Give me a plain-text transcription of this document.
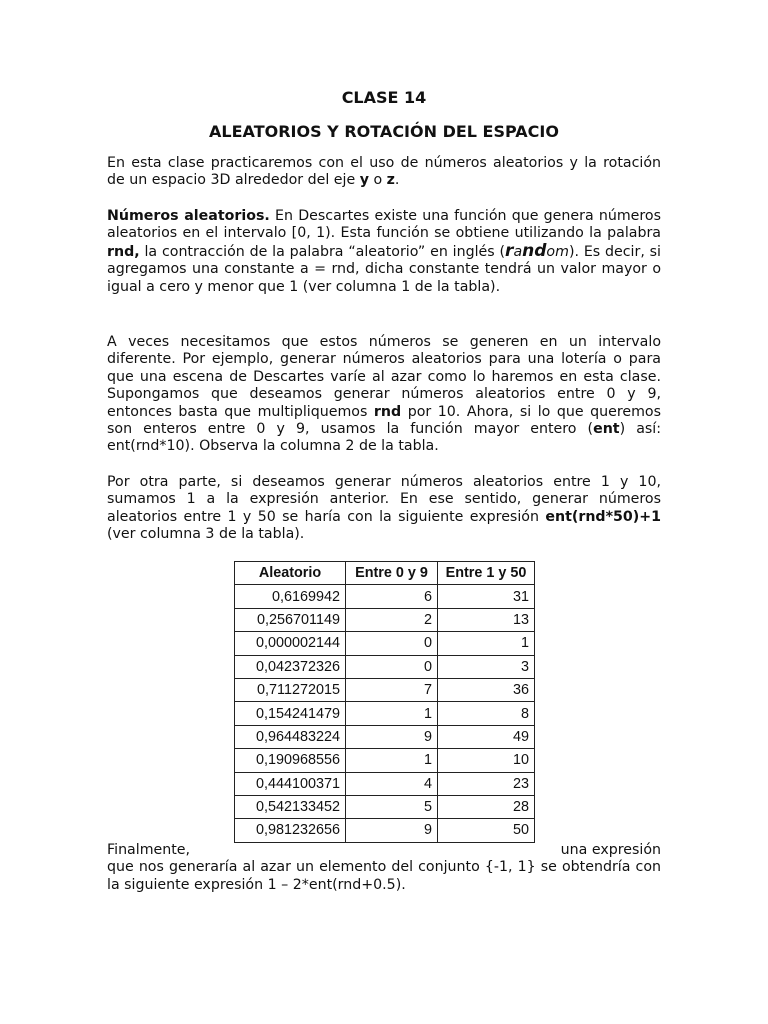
CLASE 14
ALEATORIOS Y ROTACIÓN DEL ESPACIO

En esta clase practicaremos con el uso de números aleatorios y la rotación de un espacio 3D alrededor del eje y o z.

Números aleatorios. En Descartes existe una función que genera números aleatorios en el intervalo [0, 1). Esta función se obtiene utilizando la palabra rnd, la contracción de la palabra “aleatorio” en inglés (random). Es decir, si agregamos una constante a = rnd, dicha constante tendrá un valor mayor o igual a cero y menor que 1 (ver columna 1 de la tabla).

A veces necesitamos que estos números se generen en un intervalo diferente. Por ejemplo, generar números aleatorios para una lotería o para que una escena de Descartes varíe al azar como lo haremos en esta clase. Supongamos que deseamos generar números aleatorios entre 0 y 9, entonces basta que multipliquemos rnd por 10. Ahora, si lo que queremos son enteros entre 0 y 9, usamos la función mayor entero (ent) así: ent(rnd*10). Observa la columna 2 de la tabla.

Por otra parte, si deseamos generar números aleatorios entre 1 y 10, sumamos 1 a la expresión anterior. En ese sentido, generar números aleatorios entre 1 y 50 se haría con la siguiente expresión ent(rnd*50)+1 (ver columna 3 de la tabla).

Aleatorio	Entre 0 y 9	Entre 1 y 50
0,6169942	6	31
0,256701149	2	13
0,000002144	0	1
0,042372326	0	3
0,711272015	7	36
0,154241479	1	8
0,964483224	9	49
0,190968556	1	10
0,444100371	4	23
0,542133452	5	28
0,981232656	9	50
Finalmente,	una expresión

que nos generaría al azar un elemento del conjunto {-1, 1} se obtendría con la siguiente expresión 1 – 2*ent(rnd+0.5).
